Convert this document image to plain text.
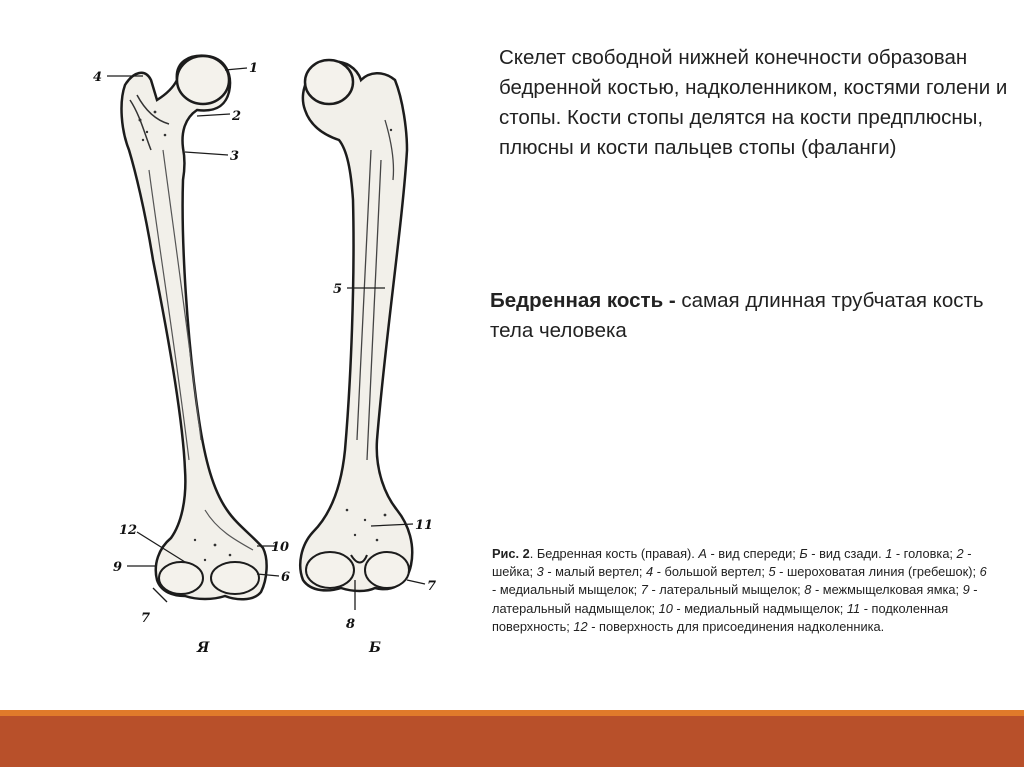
4
1
2
3
12
10
9
6
7
5
11
7
8
Я	Б
Скелет свободной нижней конечности образован бедренной костью, надколенником, костями голени и стопы. Кости стопы делятся на кости предплюсны, плюсны и кости пальцев стопы (фаланги)
Бедренная кость - самая длинная трубчатая кость тела человека
Рис. 2. Бедренная кость (правая). А - вид спереди; Б - вид сзади. 1 - головка; 2 - шейка; 3 - малый вертел; 4 - большой вертел; 5 - шероховатая линия (гребешок); 6 - медиальный мыщелок; 7 - латеральный мыщелок; 8 - межмыщелковая ямка; 9 - латеральный надмыщелок; 10 - медиальный надмыщелок; 11 - подколенная поверхность; 12 - поверхность для присоединения надколенника.
